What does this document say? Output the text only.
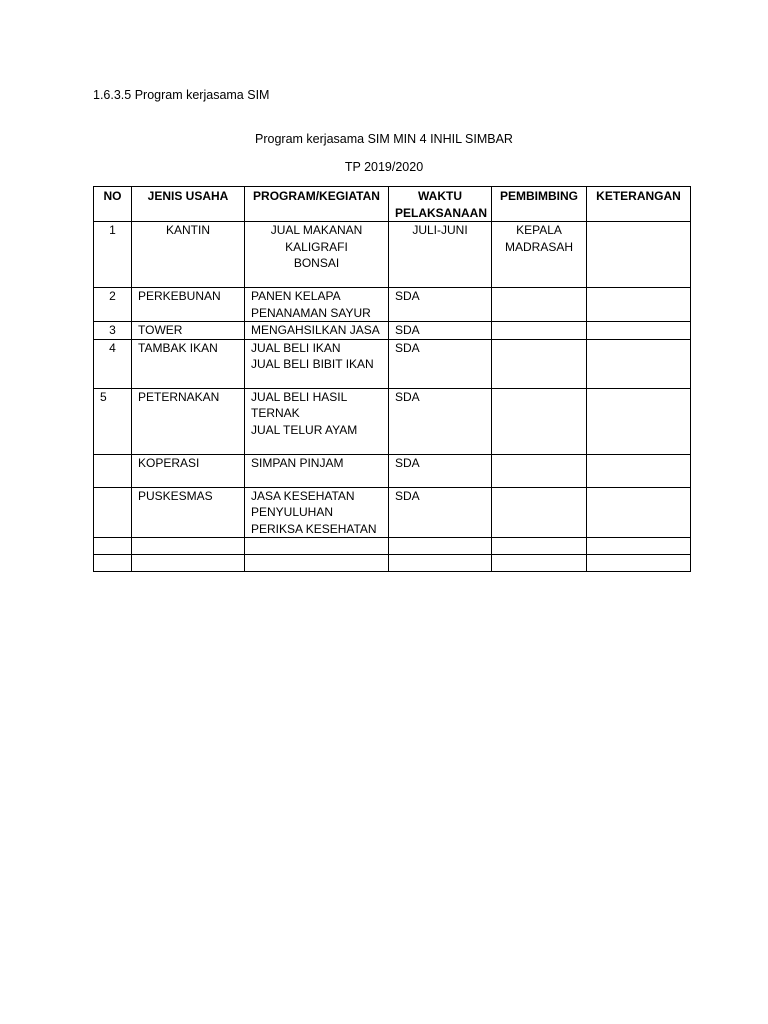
1.6.3.5 Program kerjasama SIM
Program kerjasama SIM MIN 4 INHIL SIMBAR
TP 2019/2020
NO	JENIS USAHA	PROGRAM/KEGIATAN	WAKTU PELAKSANAAN	PEMBIMBING	KETERANGAN
1	KANTIN	JUAL MAKANAN
KALIGRAFI
BONSAI	JULI-JUNI	KEPALA
MADRASAH	

2	PERKEBUNAN	PANEN KELAPA
PENANAMAN SAYUR	SDA		
3	TOWER	MENGAHSILKAN JASA	SDA		
4	TAMBAK IKAN	JUAL BELI IKAN
JUAL BELI BIBIT IKAN	SDA		
5	PETERNAKAN	JUAL BELI HASIL
TERNAK
JUAL TELUR AYAM	SDA		
	KOPERASI	SIMPAN PINJAM	SDA		
	PUSKESMAS	JASA KESEHATAN
PENYULUHAN
PERIKSA KESEHATAN	SDA		
